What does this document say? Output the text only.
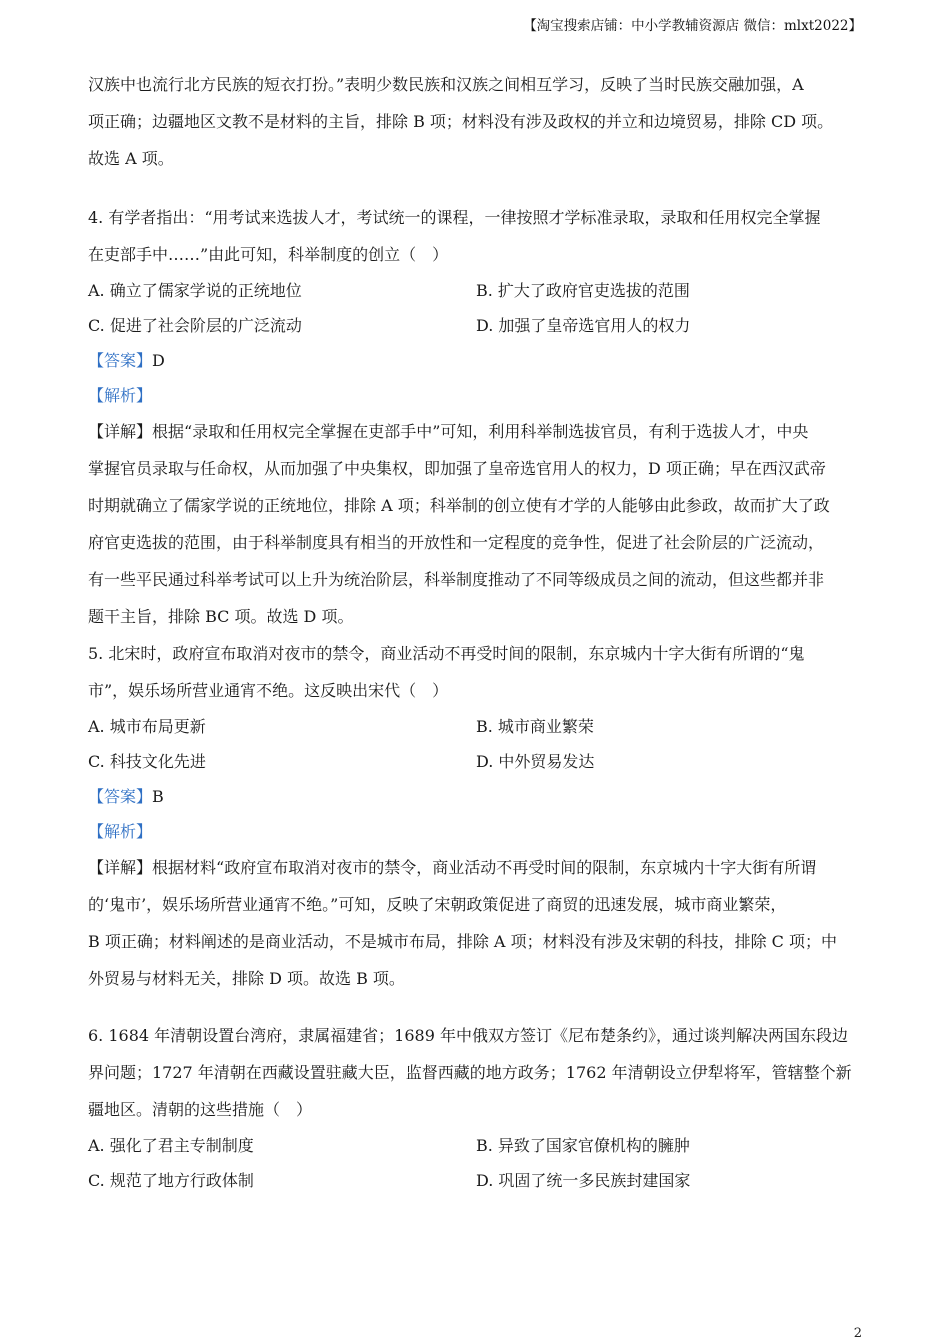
【淘宝搜索店铺：中小学教辅资源店 微信：mlxt2022】

汉族中也流行北方民族的短衣打扮。”表明少数民族和汉族之间相互学习，反映了当时民族交融加强，A

项正确；边疆地区文教不是材料的主旨，排除 B 项；材料没有涉及政权的并立和边境贸易，排除 CD 项。

故选 A 项。

4. 有学者指出：“用考试来选拔人才，考试统一的课程，一律按照才学标准录取，录取和任用权完全掌握

在吏部手中……”由此可知，科举制度的创立（　）

A. 确立了儒家学说的正统地位	B. 扩大了政府官吏选拔的范围
C. 促进了社会阶层的广泛流动	D. 加强了皇帝选官用人的权力

【答案】D

【解析】

【详解】根据“录取和任用权完全掌握在吏部手中”可知，利用科举制选拔官员，有利于选拔人才，中央

掌握官员录取与任命权，从而加强了中央集权，即加强了皇帝选官用人的权力，D 项正确；早在西汉武帝

时期就确立了儒家学说的正统地位，排除 A 项；科举制的创立使有才学的人能够由此参政，故而扩大了政

府官吏选拔的范围，由于科举制度具有相当的开放性和一定程度的竞争性，促进了社会阶层的广泛流动，

有一些平民通过科举考试可以上升为统治阶层，科举制度推动了不同等级成员之间的流动，但这些都并非

题干主旨，排除 BC 项。故选 D 项。

5. 北宋时，政府宣布取消对夜市的禁令，商业活动不再受时间的限制，东京城内十字大街有所谓的“鬼

市”，娱乐场所营业通宵不绝。这反映出宋代（　）

A. 城市布局更新	B. 城市商业繁荣
C. 科技文化先进	D. 中外贸易发达

【答案】B

【解析】

【详解】根据材料“政府宣布取消对夜市的禁令，商业活动不再受时间的限制，东京城内十字大街有所谓

的‘鬼市’，娱乐场所营业通宵不绝。”可知，反映了宋朝政策促进了商贸的迅速发展，城市商业繁荣，

B 项正确；材料阐述的是商业活动，不是城市布局，排除 A 项；材料没有涉及宋朝的科技，排除 C 项；中

外贸易与材料无关，排除 D 项。故选 B 项。

6. 1684 年清朝设置台湾府，隶属福建省；1689 年中俄双方签订《尼布楚条约》，通过谈判解决两国东段边

界问题；1727 年清朝在西藏设置驻藏大臣，监督西藏的地方政务；1762 年清朝设立伊犁将军，管辖整个新

疆地区。清朝的这些措施（　）

A. 强化了君主专制制度	B. 异致了国家官僚机构的臃肿
C. 规范了地方行政体制	D. 巩固了统一多民族封建国家
2
